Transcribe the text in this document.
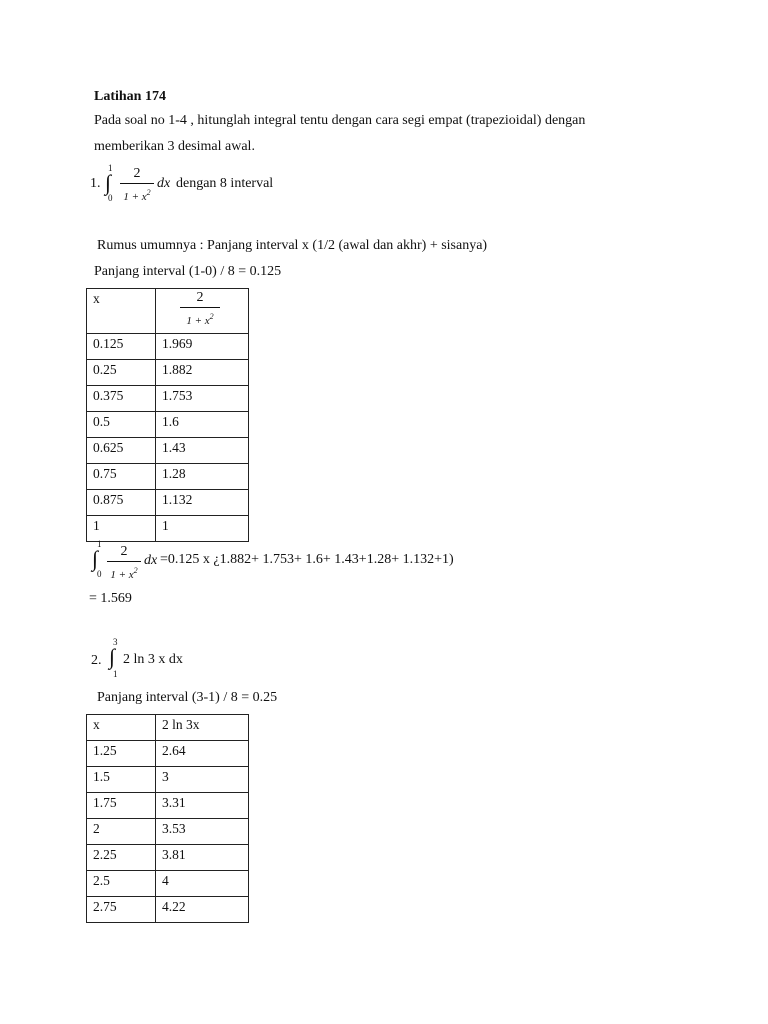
Latihan 174
Pada soal no 1-4 , hitunglah integral tentu dengan cara segi empat (trapezioidal) dengan
memberikan 3 desimal awal.
1. ∫
1
0
2
$1 + x^2$
dx dengan 8 interval
Rumus umumnya : Panjang interval x (1/2 (awal dan akhr) + sisanya)
Panjang interval (1-0) / 8 = 0.125
x	2
$1 + x^2$

0.125	1.969
0.25	1.882
0.375	1.753
0.5	1.6
0.625	1.43
0.75	1.28
0.875	1.132
1	1
∫
1
0
2
$1 + x^2$
dx =0.125 x ¿1.882+ 1.753+ 1.6+ 1.43+1.28+ 1.132+1)
= 1.569
2. ∫
3
1
2 ln 3 x dx
Panjang interval (3-1) / 8 = 0.25
x	2 ln 3x
1.25	2.64
1.5	3
1.75	3.31
2	3.53
2.25	3.81
2.5	4
2.75	4.22
